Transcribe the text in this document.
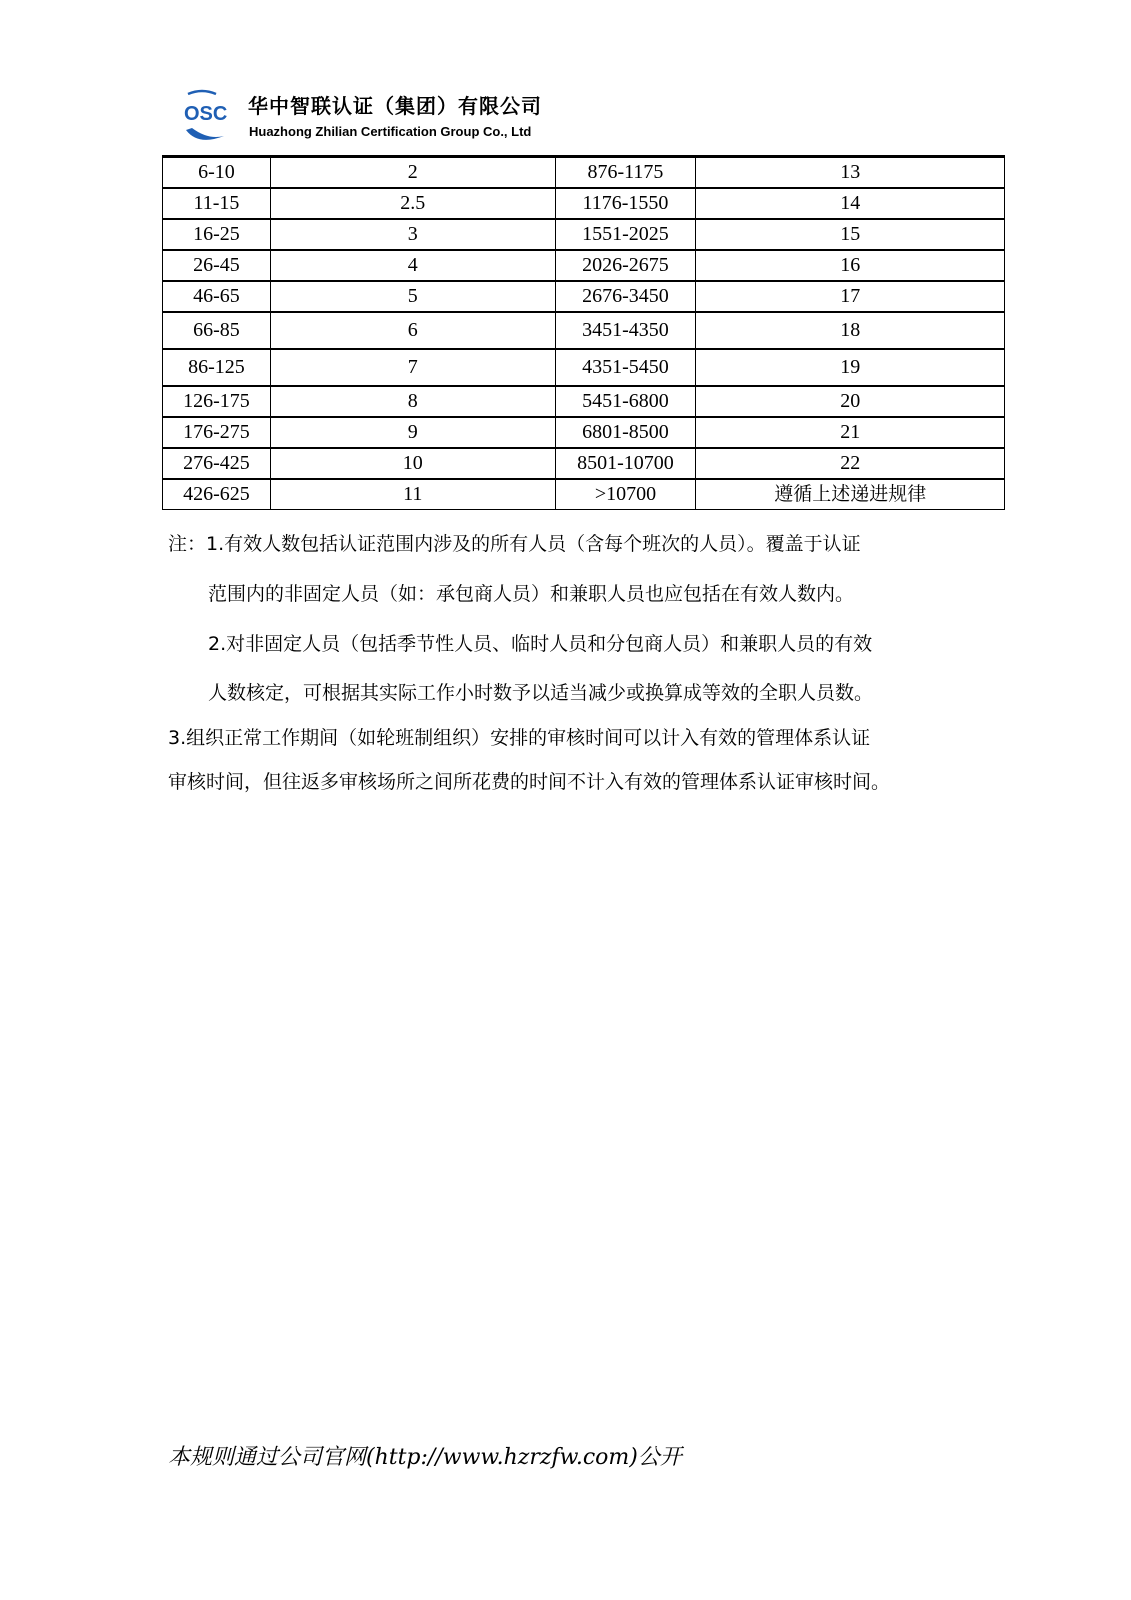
OSC 华中智联认证（集团）有限公司
Huazhong Zhilian Certification Group Co., Ltd
6-10	2	876-1175	13
11-15	2.5	1176-1550	14
16-25	3	1551-2025	15
26-45	4	2026-2675	16
46-65	5	2676-3450	17
66-85	6	3451-4350	18
86-125	7	4351-5450	19
126-175	8	5451-6800	20
176-275	9	6801-8500	21
276-425	10	8501-10700	22
426-625	11	>10700	遵循上述递进规律
注：1.有效人数包括认证范围内涉及的所有人员（含每个班次的人员）。覆盖于认证
范围内的非固定人员（如：承包商人员）和兼职人员也应包括在有效人数内。
2.对非固定人员（包括季节性人员、临时人员和分包商人员）和兼职人员的有效
人数核定，可根据其实际工作小时数予以适当减少或换算成等效的全职人员数。
3.组织正常工作期间（如轮班制组织）安排的审核时间可以计入有效的管理体系认证
审核时间，但往返多审核场所之间所花费的时间不计入有效的管理体系认证审核时间。
本规则通过公司官网(http://www.hzrzfw.com)公开
